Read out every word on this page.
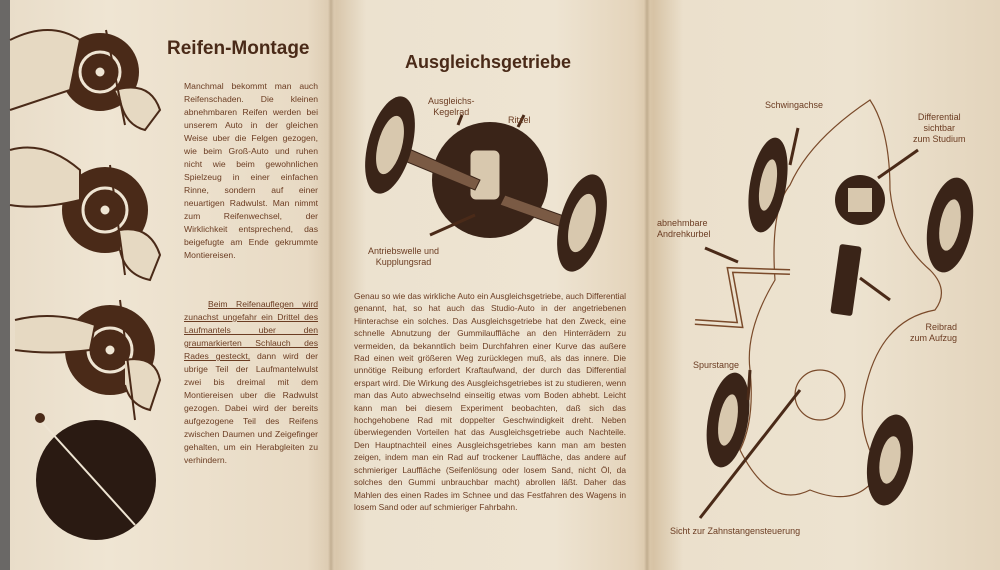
Reifen-Montage
Manchmal bekommt man auch Reifenschaden. Die kleinen abnehmbaren Reifen werden bei unserem Auto in der gleichen Weise uber die Felgen gezogen, wie beim Groß-Auto und ruhen nicht wie beim gewohnlichen Spielzeug in einer einfachen Rinne, sondern auf einer neuartigen Radwulst. Man nimmt zum Reifenwechsel, der Wirklichkeit entsprechend, das beigefugte am Ende gekrummte Montiereisen.
Beim Reifenauflegen wird zunachst ungefahr ein Drittel des Laufmantels uber den graumarkierten Schlauch des Rades gesteckt, dann wird der ubrige Teil der Laufmantelwulst zwei bis dreimal mit dem Montiereisen uber die Radwulst gezogen. Dabei wird der bereits aufgezogene Teil des Reifens zwischen Daumen und Zeigefinger gehalten, um ein Herabgleiten zu verhindern.
Ausgleichsgetriebe
Ausgleichs-
Kegelrad
Ritzel
Antriebswelle und
Kupplungsrad
Genau so wie das wirkliche Auto ein Ausgleichsgetriebe, auch Differential genannt, hat, so hat auch das Studio-Auto in der angetriebenen Hinterachse ein solches. Das Ausgleichsgetriebe hat den Zweck, eine schnelle Abnutzung der Gummilauffläche an den Hinterrädern zu vermeiden, da bekanntlich beim Durchfahren einer Kurve das außere Rad einen weit größeren Weg zurücklegen muß, als das innere. Die unnötige Reibung erfordert Kraftaufwand, der durch das Differential erspart wird. Die Wirkung des Ausgleichsgetriebes ist zu studieren, wenn man das Auto abwechselnd einseitig etwas vom Boden abhebt. Leicht kann man bei diesem Experiment beobachten, daß sich das hochgehobene Rad mit doppelter Geschwindigkeit dreht. Neben überwiegenden Vorteilen hat das Ausgleichsgetriebe auch Nachteile. Den Hauptnachteil eines Ausgleichsgetriebes kann man am besten zeigen, indem man ein Rad auf trockener Lauffläche, das andere auf schmieriger Lauffläche (Seifenlösung oder losem Sand, nicht Öl, da solches den Gummi unbrauchbar macht) abrollen läßt. Daher das Mahlen des einen Rades im Schnee und das Festfahren des Wagens in losem Sand oder auf schmieriger Fahrbahn.
Schwingachse
Differential
sichtbar
zum Studium
abnehmbare
Andrehkurbel
Reibrad
zum Aufzug
Spurstange
Sicht zur Zahnstangensteuerung
